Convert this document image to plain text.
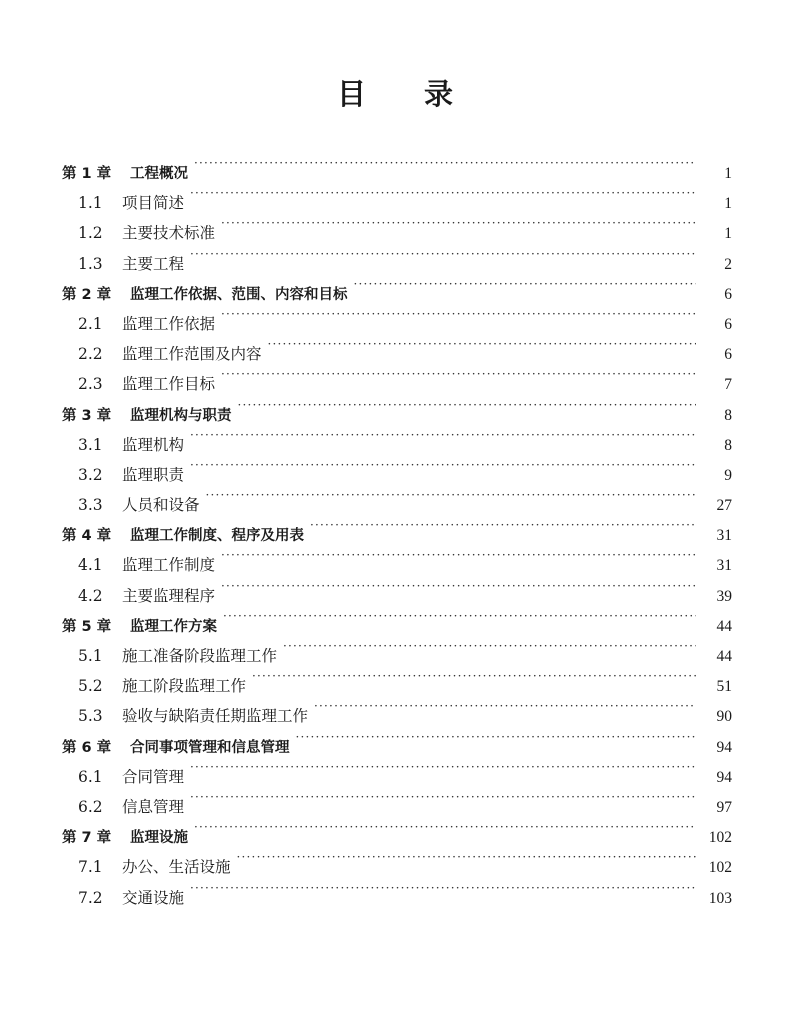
目 录
第 1 章	工程概况 ·····	1
1.1	项目简述 ·····	1
1.2	主要技术标准 ·····	1
1.3	主要工程 ·····	2
第 2 章	监理工作依据、范围、内容和目标 ·····	6
2.1	监理工作依据 ·····	6
2.2	监理工作范围及内容 ·····	6
2.3	监理工作目标 ·····	7
第 3 章	监理机构与职责 ·····	8
3.1	监理机构 ·····	8
3.2	监理职责 ·····	9
3.3	人员和设备 ·····	27
第 4 章	监理工作制度、程序及用表 ·····	31
4.1	监理工作制度 ·····	31
4.2	主要监理程序 ·····	39
第 5 章	监理工作方案 ·····	44
5.1	施工准备阶段监理工作 ·····	44
5.2	施工阶段监理工作 ·····	51
5.3	验收与缺陷责任期监理工作 ·····	90
第 6 章	合同事项管理和信息管理 ·····	94
6.1	合同管理 ·····	94
6.2	信息管理 ·····	97
第 7 章	监理设施 ·····	102
7.1	办公、生活设施 ·····	102
7.2	交通设施 ·····	103
